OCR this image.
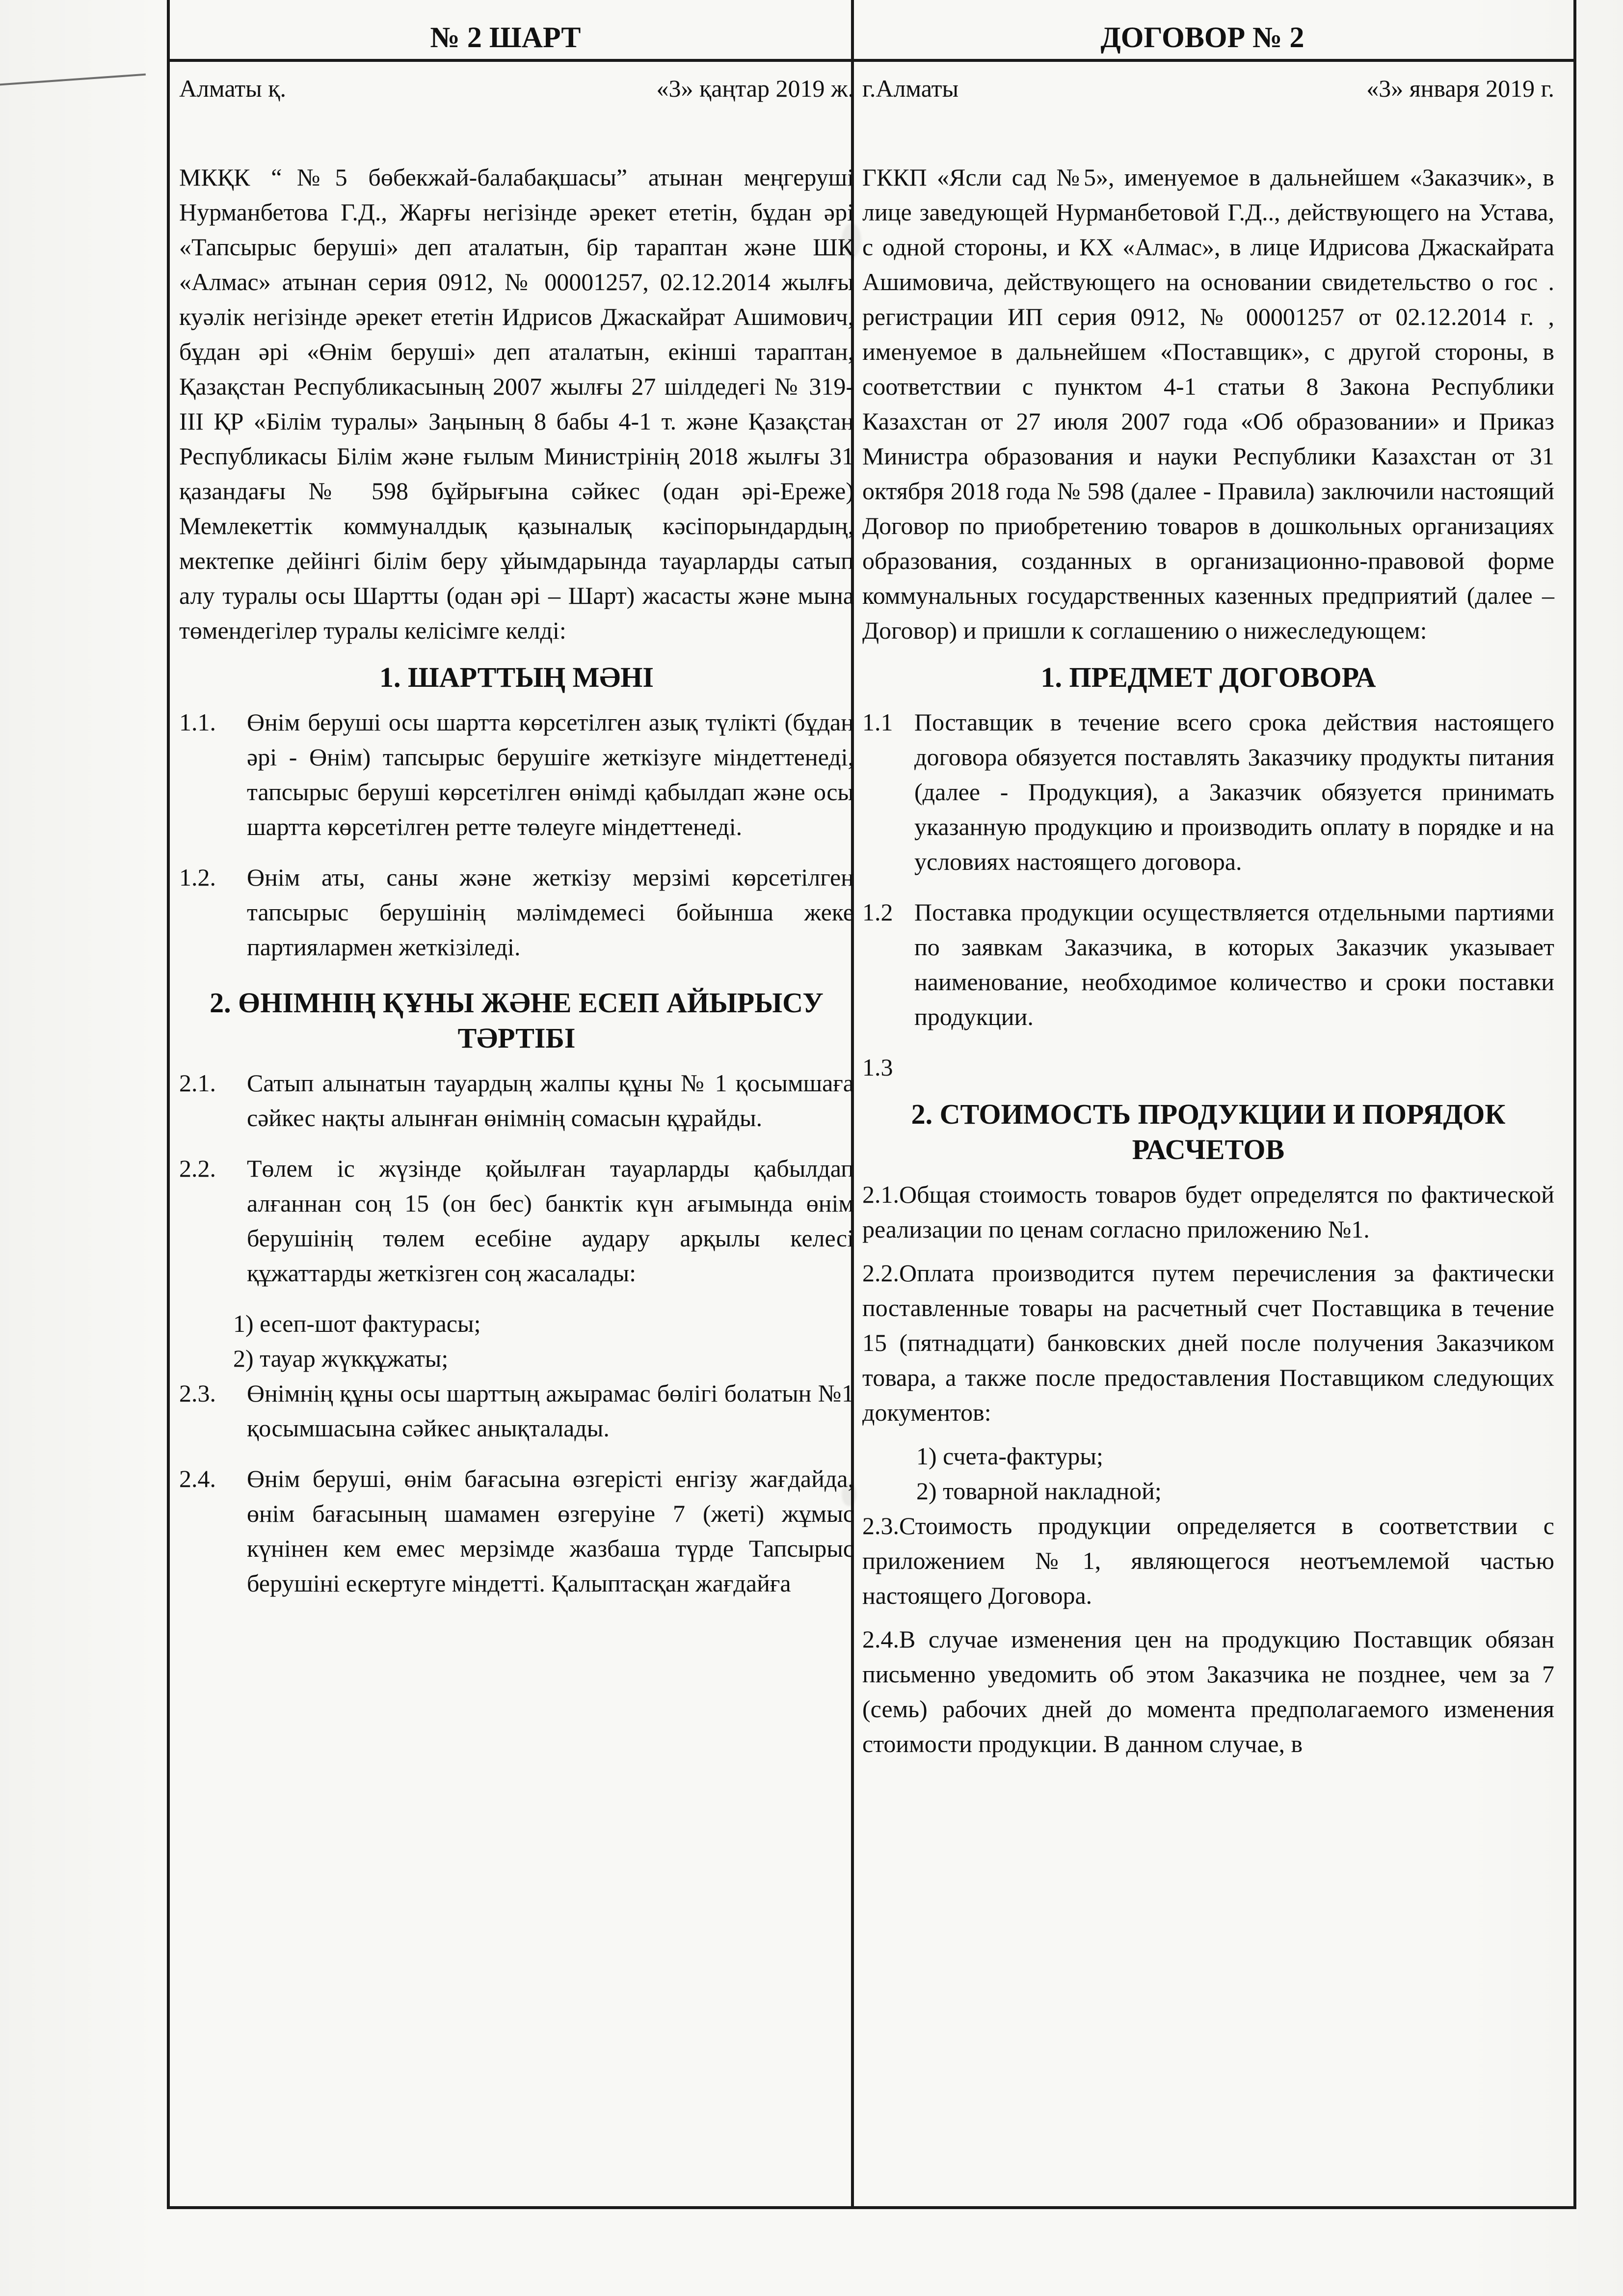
№ 2 ШАРТ	ДОГОВОР № 2
Алматы қ.	«3» қаңтар 2019 ж.

МКҚК “№5 бөбекжай-балабақшасы” атынан меңгеруші Нурманбетова Г.Д., Жарғы негізінде әрекет ететін, бұдан әрі «Тапсырыс беруші» деп аталатын, бір тараптан және ШҚ «Алмас» атынан серия 0912, № 00001257, 02.12.2014 жылғы куәлік негізінде әрекет ететін Идрисов Джаскайрат Ашимович, бұдан әрі «Өнім беруші» деп аталатын, екінші тараптан, Қазақстан Республикасының 2007 жылғы 27 шілдедегі № 319-III ҚР «Білім туралы» Заңының 8 бабы 4-1 т. және Қазақстан Республикасы Білім және ғылым Министрінің 2018 жылғы 31 қазандағы № 598 бұйрығына сәйкес (одан әрі-Ереже) Мемлекеттік коммуналдық қазыналық кәсіпорындардың, мектепке дейінгі білім беру ұйымдарында тауарларды сатып алу туралы осы Шартты (одан әрі – Шарт) жасасты және мына төмендегілер туралы келісімге келді:

1. ШАРТТЫҢ МӘНІ
1.1.	Өнім беруші осы шартта көрсетілген азық түлікті (бұдан әрі - Өнім) тапсырыс берушіге жеткізуге міндеттенеді, тапсырыс беруші көрсетілген өнімді қабылдап және осы шартта көрсетілген ретте төлеуге міндеттенеді.
1.2.	Өнім аты, саны және жеткізу мерзімі көрсетілген тапсырыс берушінің мәлімдемесі бойынша жеке партиялармен жеткізіледі.
2. ӨНІМНІҢ ҚҰНЫ ЖӘНЕ ЕСЕП АЙЫРЫСУ ТӘРТІБІ
2.1.	Сатып алынатын тауардың жалпы құны № 1 қосымшаға сәйкес нақты алынған өнімнің сомасын құрайды.
2.2.	Төлем іс жүзінде қойылған тауарларды қабылдап алғаннан соң 15 (он бес) банктік күн ағымында өнім берушінің төлем есебіне аудару арқылы келесі құжаттарды жеткізген соң жасалады:

1) есеп-шот фактурасы;

2) тауар жүкқұжаты;

2.3.	Өнімнің құны осы шарттың ажырамас бөлігі болатын №1 қосымшасына сәйкес анықталады.
2.4.	Өнім беруші, өнім бағасына өзгерісті енгізу жағдайда, өнім бағасының шамамен өзгеруіне 7 (жеті) жұмыс күнінен кем емес мерзімде жазбаша түрде Тапсырыс берушіні ескертуге міндетті. Қалыптасқан жағдайға
г.Алматы	«3» января 2019 г.

ГККП «Ясли сад №5», именуемое в дальнейшем «Заказчик», в лице заведующей Нурманбетовой Г.Д.., действующего на Устава, с одной стороны, и КХ «Алмас», в лице Идрисова Джаскайрата Ашимовича, действующего на основании свидетельство о гос . регистрации ИП серия 0912, № 00001257 от 02.12.2014 г. , именуемое в дальнейшем «Поставщик», с другой стороны, в соответствии с пунктом 4-1 статьи 8 Закона Республики Казахстан от 27 июля 2007 года «Об образовании» и Приказ Министра образования и науки Республики Казахстан от 31 октября 2018 года № 598 (далее - Правила) заключили настоящий Договор по приобретению товаров в дошкольных организациях образования, созданных в организационно-правовой форме коммунальных государственных казенных предприятий (далее – Договор) и пришли к соглашению о нижеследующем:

1. ПРЕДМЕТ ДОГОВОРА
1.1 Поставщик в течение всего срока действия настоящего договора обязуется поставлять Заказчику продукты питания (далее - Продукция), а Заказчик обязуется принимать указанную продукцию и производить оплату в порядке и на условиях настоящего договора.
1.2 Поставка продукции осуществляется отдельными партиями по заявкам Заказчика, в которых Заказчик указывает наименование, необходимое количество и сроки поставки продукции.
1.3
2. СТОИМОСТЬ ПРОДУКЦИИ И ПОРЯДОК РАСЧЕТОВ

2.1.Общая стоимость товаров будет определятся по фактической реализации по ценам согласно приложению №1.

2.2.Оплата производится путем перечисления за фактически поставленные товары на расчетный счет Поставщика в течение 15 (пятнадцати) банковских дней после получения Заказчиком товара, а также после предоставления Поставщиком следующих документов:

1) счета-фактуры;

2) товарной накладной;

2.3.Стоимость продукции определяется в соответствии с приложением №1, являющегося неотъемлемой частью настоящего Договора.

2.4.В случае изменения цен на продукцию Поставщик обязан письменно уведомить об этом Заказчика не позднее, чем за 7 (семь) рабочих дней до момента предполагаемого изменения стоимости продукции. В данном случае, в
